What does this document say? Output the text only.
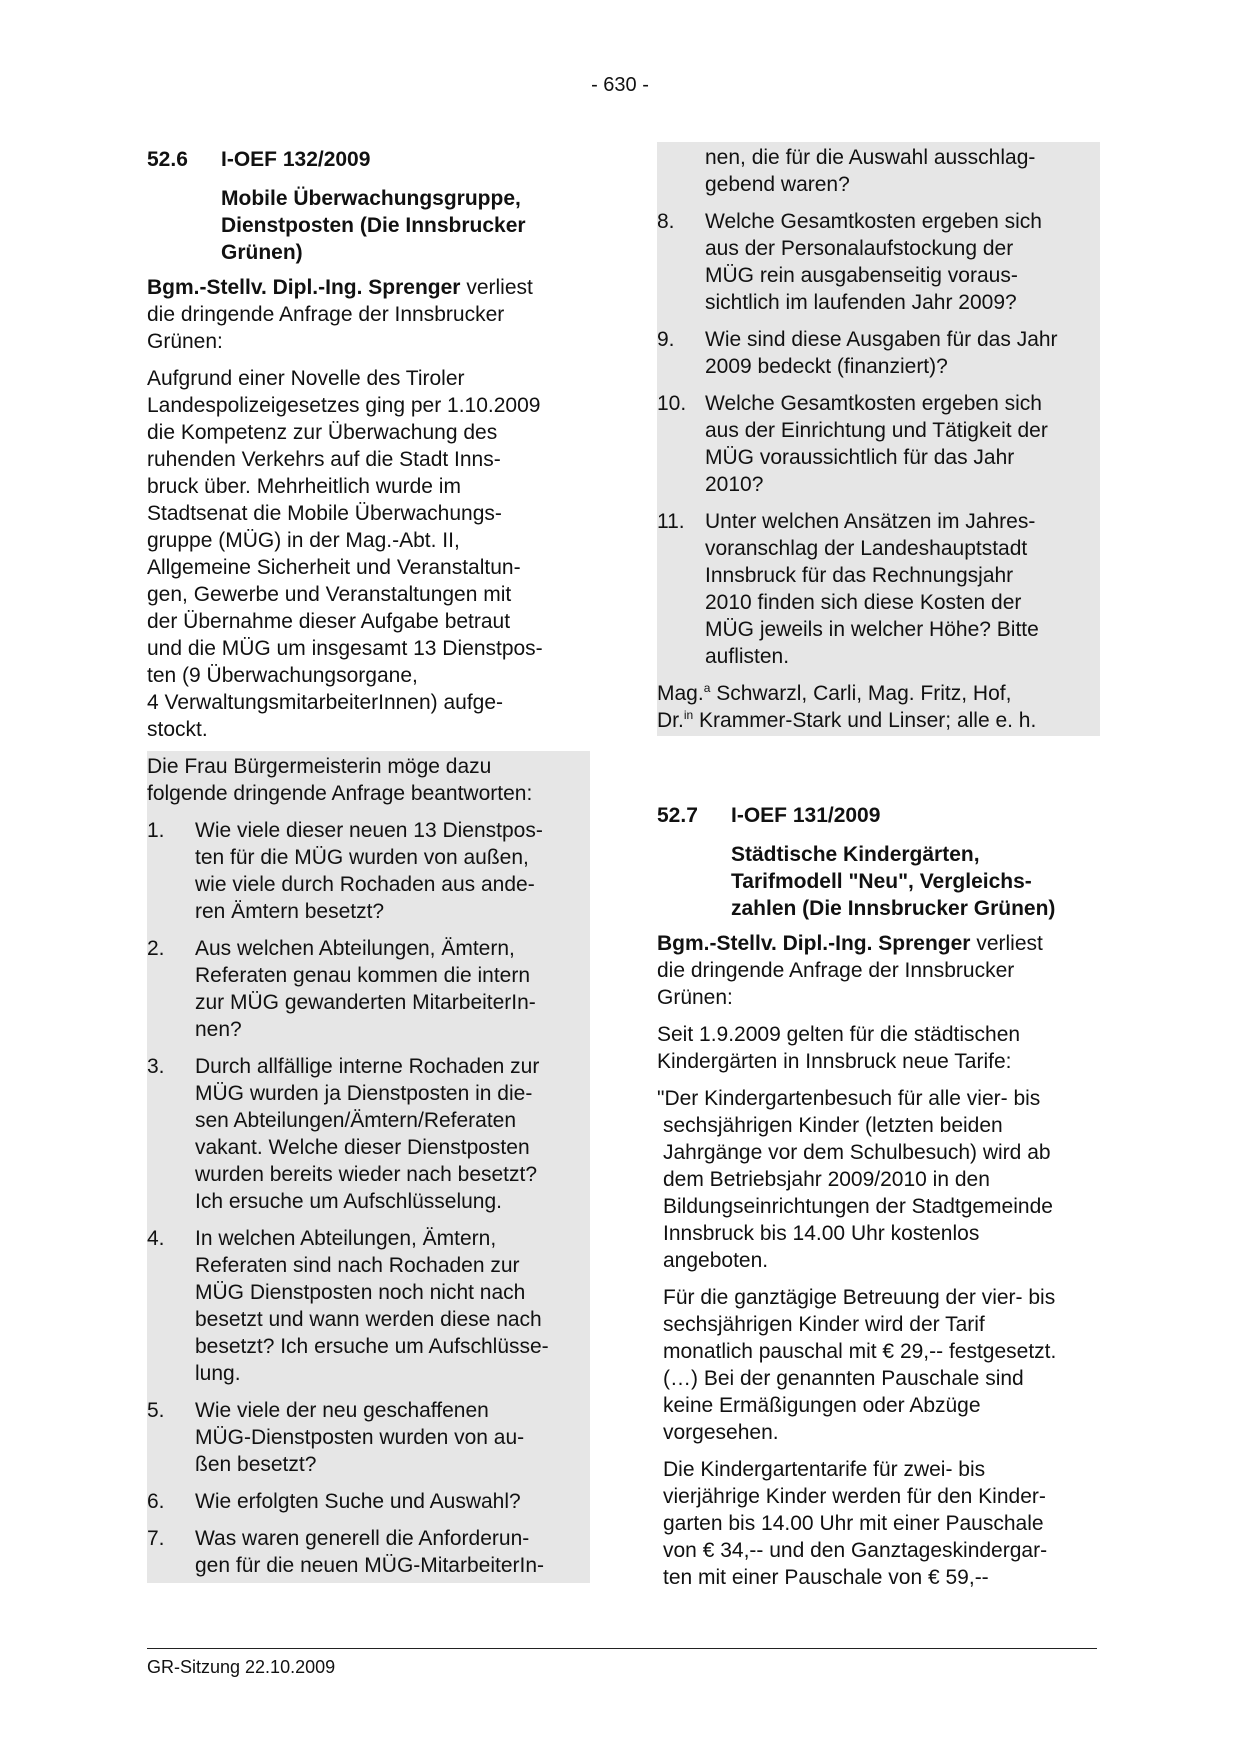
- 630 -
52.6	I-OEF 132/2009
Mobile Überwachungsgruppe,
Dienstposten (Die Innsbrucker
Grünen)
Bgm.-Stellv. Dipl.-Ing. Sprenger verliest
die dringende Anfrage der Innsbrucker
Grünen:
Aufgrund einer Novelle des Tiroler
Landespolizeigesetzes ging per 1.10.2009
die Kompetenz zur Überwachung des
ruhenden Verkehrs auf die Stadt Inns-
bruck über. Mehrheitlich wurde im
Stadtsenat die Mobile Überwachungs-
gruppe (MÜG) in der Mag.-Abt. II,
Allgemeine Sicherheit und Veranstaltun-
gen, Gewerbe und Veranstaltungen mit
der Übernahme dieser Aufgabe betraut
und die MÜG um insgesamt 13 Dienstpos-
ten (9 Überwachungsorgane,
4 VerwaltungsmitarbeiterInnen) aufge-
stockt.
Die Frau Bürgermeisterin möge dazu
folgende dringende Anfrage beantworten:
1.	Wie viele dieser neuen 13 Dienstpos-
ten für die MÜG wurden von außen,
wie viele durch Rochaden aus ande-
ren Ämtern besetzt?
2.	Aus welchen Abteilungen, Ämtern,
Referaten genau kommen die intern
zur MÜG gewanderten MitarbeiterIn-
nen?
3.	Durch allfällige interne Rochaden zur
MÜG wurden ja Dienstposten in die-
sen Abteilungen/Ämtern/Referaten
vakant. Welche dieser Dienstposten
wurden bereits wieder nach besetzt?
Ich ersuche um Aufschlüsselung.
4.	In welchen Abteilungen, Ämtern,
Referaten sind nach Rochaden zur
MÜG Dienstposten noch nicht nach
besetzt und wann werden diese nach
besetzt? Ich ersuche um Aufschlüsse-
lung.
5.	Wie viele der neu geschaffenen
MÜG-Dienstposten wurden von au-
ßen besetzt?
6.	Wie erfolgten Suche und Auswahl?
7.	Was waren generell die Anforderun-
gen für die neuen MÜG-MitarbeiterIn-
nen, die für die Auswahl ausschlag-
gebend waren?
8.	Welche Gesamtkosten ergeben sich
aus der Personalaufstockung der
MÜG rein ausgabenseitig voraus-
sichtlich im laufenden Jahr 2009?
9.	Wie sind diese Ausgaben für das Jahr
2009 bedeckt (finanziert)?
10. Welche Gesamtkosten ergeben sich
aus der Einrichtung und Tätigkeit der
MÜG voraussichtlich für das Jahr
2010?
11. Unter welchen Ansätzen im Jahres-
voranschlag der Landeshauptstadt
Innsbruck für das Rechnungsjahr
2010 finden sich diese Kosten der
MÜG jeweils in welcher Höhe? Bitte
auflisten.
Mag.$^a$ Schwarzl, Carli, Mag. Fritz, Hof,
Dr.$^{in}$ Krammer-Stark und Linser; alle e. h.
52.7	I-OEF 131/2009
Städtische Kindergärten,
Tarifmodell "Neu", Vergleichs-
zahlen (Die Innsbrucker Grünen)
Bgm.-Stellv. Dipl.-Ing. Sprenger verliest
die dringende Anfrage der Innsbrucker
Grünen:
Seit 1.9.2009 gelten für die städtischen
Kindergärten in Innsbruck neue Tarife:
"Der Kindergartenbesuch für alle vier- bis
sechsjährigen Kinder (letzten beiden
Jahrgänge vor dem Schulbesuch) wird ab
dem Betriebsjahr 2009/2010 in den
Bildungseinrichtungen der Stadtgemeinde
Innsbruck bis 14.00 Uhr kostenlos
angeboten.
Für die ganztägige Betreuung der vier- bis
sechsjährigen Kinder wird der Tarif
monatlich pauschal mit € 29,-- festgesetzt.
(…) Bei der genannten Pauschale sind
keine Ermäßigungen oder Abzüge
vorgesehen.
Die Kindergartentarife für zwei- bis
vierjährige Kinder werden für den Kinder-
garten bis 14.00 Uhr mit einer Pauschale
von € 34,-- und den Ganztageskindergar-
ten mit einer Pauschale von € 59,--
GR-Sitzung 22.10.2009
